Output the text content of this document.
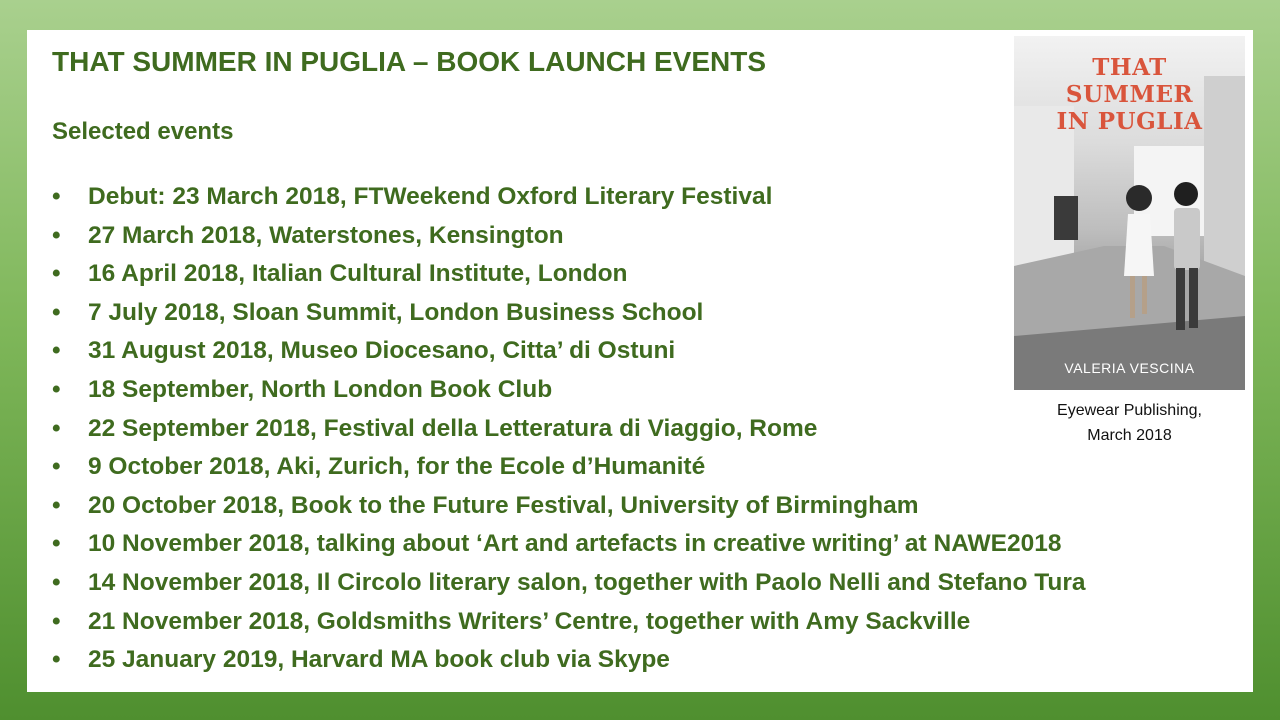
THAT SUMMER IN PUGLIA – BOOK LAUNCH EVENTS
Selected events
•	Debut: 23 March 2018, FTWeekend Oxford Literary Festival
•	27 March 2018, Waterstones, Kensington
•	16 April 2018, Italian Cultural Institute, London
•	7 July 2018, Sloan Summit, London Business School
•	31 August 2018, Museo Diocesano, Citta’ di Ostuni
•	18 September, North London Book Club
•	22 September 2018, Festival della Letteratura di Viaggio, Rome
•	9 October 2018, Aki, Zurich, for the Ecole d’Humanité
•	20 October 2018, Book to the Future Festival, University of Birmingham
•	10 November 2018, talking about ‘Art and artefacts in creative writing’ at NAWE2018
•	14 November 2018, Il Circolo literary salon, together with Paolo Nelli and Stefano Tura
•	21 November 2018, Goldsmiths Writers’ Centre, together with Amy Sackville
•	25 January 2019, Harvard MA book club via Skype
THAT
SUMMER
IN PUGLIA
VALERIA VESCINA
Eyewear Publishing,
March 2018
